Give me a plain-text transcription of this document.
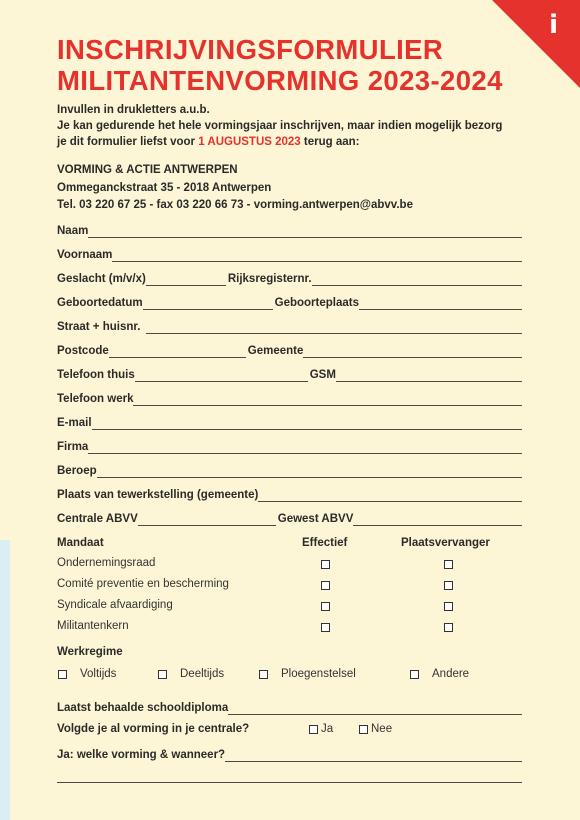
i
INSCHRIJVINGSFORMULIER
MILITANTENVORMING 2023-2024
Invullen in drukletters a.u.b.
Je kan gedurende het hele vormingsjaar inschrijven, maar indien mogelijk bezorg
je dit formulier liefst voor 1 AUGUSTUS 2023 terug aan:
VORMING & ACTIE ANTWERPEN
Ommeganckstraat 35 - 2018 Antwerpen
Tel. 03 220 67 25 - fax 03 220 66 73 - vorming.antwerpen@abvv.be
Naam
Voornaam
Geslacht (m/v/x)	Rijksregisternr.
Geboortedatum	Geboorteplaats
Straat + huisnr.
Postcode	Gemeente
Telefoon thuis	GSM
Telefoon werk
E-mail
Firma
Beroep
Plaats van tewerkstelling (gemeente)
Centrale ABVV	Gewest ABVV
Mandaat	Effectief	Plaatsvervanger
Ondernemingsraad
Comité preventie en bescherming
Syndicale afvaardiging
Militantenkern
Werkregime
Voltijds	Deeltijds	Ploegenstelsel	Andere
Laatst behaalde schooldiploma
Volgde je al vorming in je centrale?	Ja	Nee
Ja: welke vorming & wanneer?
